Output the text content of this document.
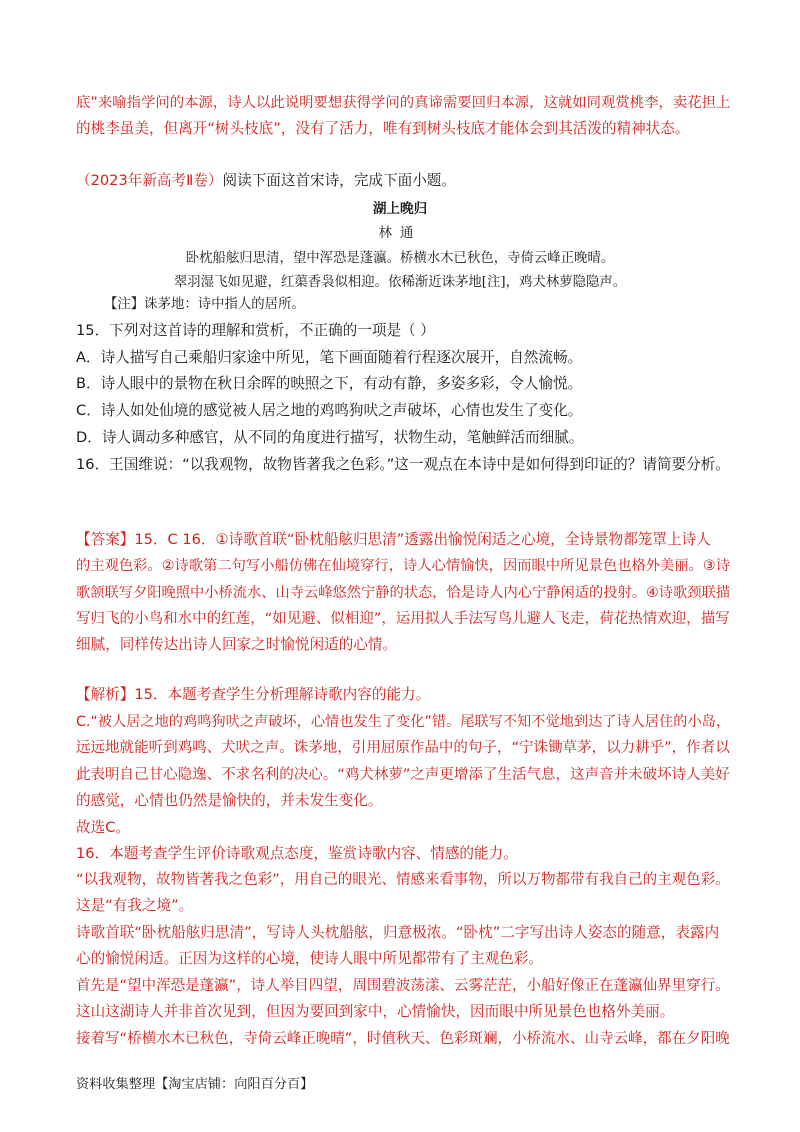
底”来喻指学问的本源，诗人以此说明要想获得学问的真谛需要回归本源，这就如同观赏桃李，卖花担上
的桃李虽美，但离开“树头枝底”，没有了活力，唯有到树头枝底才能体会到其活泼的精神状态。
（2023年新高考Ⅱ卷）阅读下面这首宋诗，完成下面小题。
湖上晚归
林通
卧枕船舷归思清，望中浑恐是蓬瀛。桥横水木已秋色，寺倚云峰正晚晴。
翠羽湿飞如见避，红蕖香袅似相迎。依稀渐近诛茅地[注]，鸡犬林萝隐隐声。
【注】诛茅地：诗中指人的居所。
15．下列对这首诗的理解和赏析，不正确的一项是（ ）
A．诗人描写自己乘船归家途中所见，笔下画面随着行程逐次展开，自然流畅。
B．诗人眼中的景物在秋日余晖的映照之下，有动有静，多姿多彩，令人愉悦。
C．诗人如处仙境的感觉被人居之地的鸡鸣狗吠之声破坏，心情也发生了变化。
D．诗人调动多种感官，从不同的角度进行描写，状物生动，笔触鲜活而细腻。
16．王国维说：“以我观物，故物皆著我之色彩。”这一观点在本诗中是如何得到印证的？请简要分析。
【答案】15．C 16．①诗歌首联“卧枕船舷归思清”透露出愉悦闲适之心境，全诗景物都笼罩上诗人
的主观色彩。②诗歌第二句写小船仿佛在仙境穿行，诗人心情愉快，因而眼中所见景色也格外美丽。③诗
歌颔联写夕阳晚照中小桥流水、山寺云峰悠然宁静的状态，恰是诗人内心宁静闲适的投射。④诗歌颈联描
写归飞的小鸟和水中的红莲，“如见避、似相迎”，运用拟人手法写鸟儿避人飞走，荷花热情欢迎，描写
细腻，同样传达出诗人回家之时愉悦闲适的心情。
【解析】15．本题考查学生分析理解诗歌内容的能力。
C.“被人居之地的鸡鸣狗吠之声破坏，心情也发生了变化”错。尾联写不知不觉地到达了诗人居住的小岛，
远远地就能听到鸡鸣、犬吠之声。诛茅地，引用屈原作品中的句子，“宁诛锄草茅，以力耕乎”，作者以
此表明自己甘心隐逸、不求名利的决心。“鸡犬林萝”之声更增添了生活气息，这声音并未破坏诗人美好
的感觉，心情也仍然是愉快的，并未发生变化。
故选C。
16．本题考查学生评价诗歌观点态度，鉴赏诗歌内容、情感的能力。
“以我观物，故物皆著我之色彩”，用自己的眼光、情感来看事物，所以万物都带有我自己的主观色彩。
这是“有我之境”。
诗歌首联“卧枕船舷归思清”，写诗人头枕船舷，归意极浓。“卧枕”二字写出诗人姿态的随意，表露内
心的愉悦闲适。正因为这样的心境，使诗人眼中所见都带有了主观色彩。
首先是“望中浑恐是蓬瀛”，诗人举目四望，周围碧波荡漾、云雾茫茫，小船好像正在蓬瀛仙界里穿行。
这山这湖诗人并非首次见到，但因为要回到家中，心情愉快，因而眼中所见景色也格外美丽。
接着写“桥横水木已秋色，寺倚云峰正晚晴”，时值秋天、色彩斑斓，小桥流水、山寺云峰，都在夕阳晚
资料收集整理【淘宝店铺：向阳百分百】
